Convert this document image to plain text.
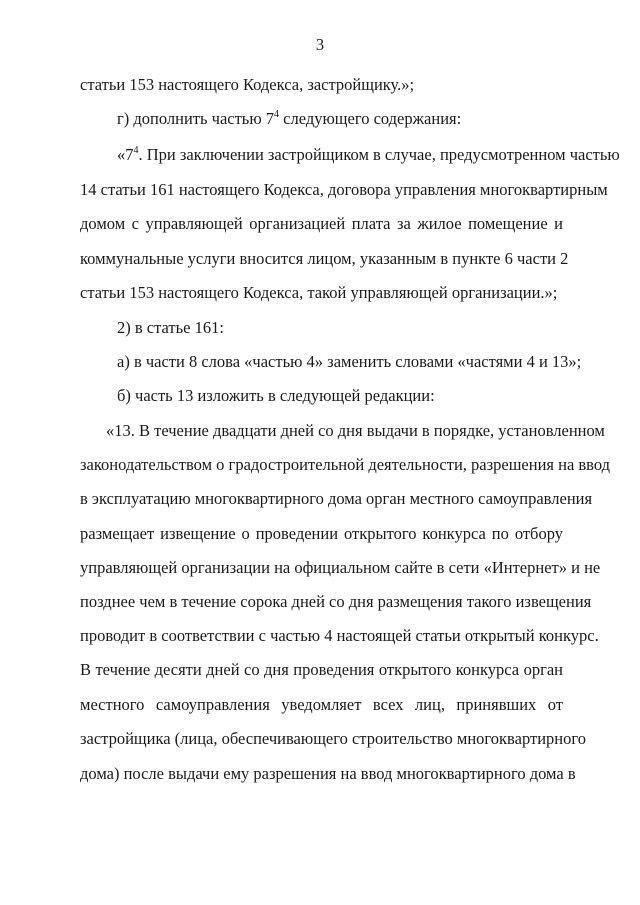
3
статьи 153 настоящего Кодекса, застройщику.»;
г) дополнить частью $7^4$ следующего содержания:
«$7^4$. При заключении застройщиком в случае, предусмотренном частью
14 статьи 161 настоящего Кодекса, договора управления многоквартирным
домом с управляющей организацией плата за жилое помещение и
коммунальные услуги вносится лицом, указанным в пункте 6 части 2
статьи 153 настоящего Кодекса, такой управляющей организации.»;
2) в статье 161:
а) в части 8 слова «частью 4» заменить словами «частями 4 и 13»;
б) часть 13 изложить в следующей редакции:
«13. В течение двадцати дней со дня выдачи в порядке, установленном
законодательством о градостроительной деятельности, разрешения на ввод
в эксплуатацию многоквартирного дома орган местного самоуправления
размещает извещение о проведении открытого конкурса по отбору
управляющей организации на официальном сайте в сети «Интернет» и не
позднее чем в течение сорока дней со дня размещения такого извещения
проводит в соответствии с частью 4 настоящей статьи открытый конкурс.
В течение десяти дней со дня проведения открытого конкурса орган
местного самоуправления уведомляет всех лиц, принявших от
застройщика (лица, обеспечивающего строительство многоквартирного
дома) после выдачи ему разрешения на ввод многоквартирного дома в
